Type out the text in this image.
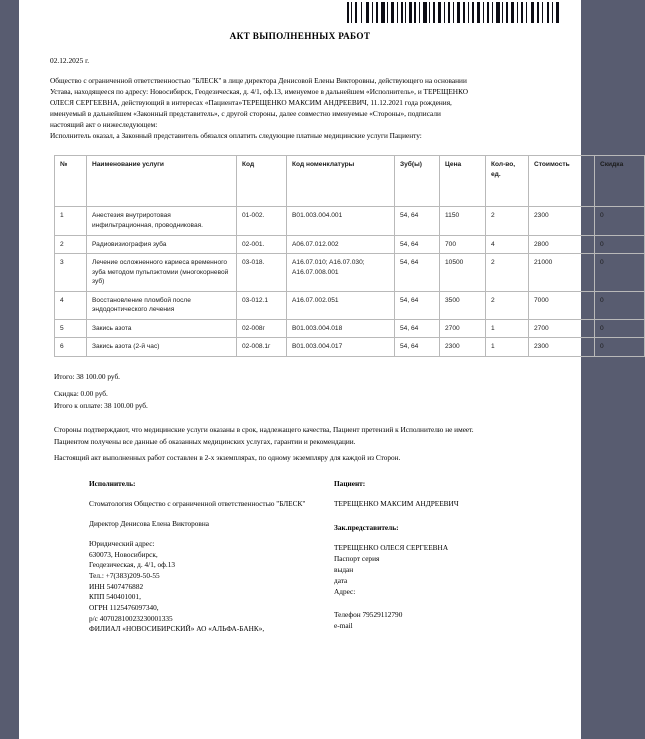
АКТ ВЫПОЛНЕННЫХ РАБОТ
02.12.2025 г.

Общество с ограниченной ответственностью "БЛЕСК" в лице директора Денисовой Елены Викторовны, действующего на основании

Устава, находящееся по адресу: Новосибирск, Геодезическая, д. 4/1, оф.13, именуемое в дальнейшем «Исполнитель», и ТЕРЕЩЕНКО

ОЛЕСЯ СЕРГЕЕВНА, действующий в интересах «Пациента»ТЕРЕЩЕНКО МАКСИМ АНДРЕЕВИЧ, 11.12.2021 года рождения,

именуемый в дальнейшем «Законный представитель», с другой стороны, далее совместно именуемые «Стороны», подписали

настоящий акт о нижеследующем:

Исполнитель оказал, а Законный представитель обязался оплатить следующие платные медицинские услуги Пациенту:

№	Наименование услуги	Код	Код номенклатуры	Зуб(ы)	Цена	Кол-во, ед.	Стоимость	Скидка
1	Анестезия внутриротовая инфильтрационная, проводниковая.	01-002.	B01.003.004.001	54, 64	1150	2	2300	0
2	Радиовизиография зуба	02-001.	A06.07.012.002	54, 64	700	4	2800	0
3	Лечение осложненного кариеса временного зуба методом пульпэктомии (многокорневой зуб)	03-018.	A16.07.010; A16.07.030; A16.07.008.001	54, 64	10500	2	21000	0
4	Восстановление пломбой после эндодонтического лечения	03-012.1	A16.07.002.051	54, 64	3500	2	7000	0
5	Закись азота	02-008г	B01.003.004.018	54, 64	2700	1	2700	0
6	Закись азота (2-й час)	02-008.1г	B01.003.004.017	54, 64	2300	1	2300	0
Итого: 38 100.00 руб.
Скидка: 0.00 руб.
Итого к оплате: 38 100.00 руб.
Стороны подтверждают, что медицинские услуги оказаны в срок, надлежащего качества, Пациент претензий к Исполнителю не имеет.
Пациентом получены все данные об оказанных медицинских услугах, гарантии и рекомендации.
Настоящий акт выполненных работ составлен в 2-х экземплярах, по одному экземпляру для каждой из Сторон.
Исполнитель:
Стоматология Общество с ограниченной ответственностью "БЛЕСК"
Директор Денисова Елена Викторовна
Юридический адрес:
630073, Новосибирск,
Геодезическая, д. 4/1, оф.13
Тел.: +7(383)209-50-55
ИНН 5407476882
КПП 540401001,
ОГРН 1125476097340,
р/с 40702810023230001335
ФИЛИАЛ «НОВОСИБИРСКИЙ» АО «АЛЬФА-БАНК»,
Пациент:
ТЕРЕЩЕНКО МАКСИМ АНДРЕЕВИЧ
Зак.представитель:
ТЕРЕЩЕНКО ОЛЕСЯ СЕРГЕЕВНА
Паспорт серия
выдан
дата
Адрес:
Телефон 79529112790
e-mail
